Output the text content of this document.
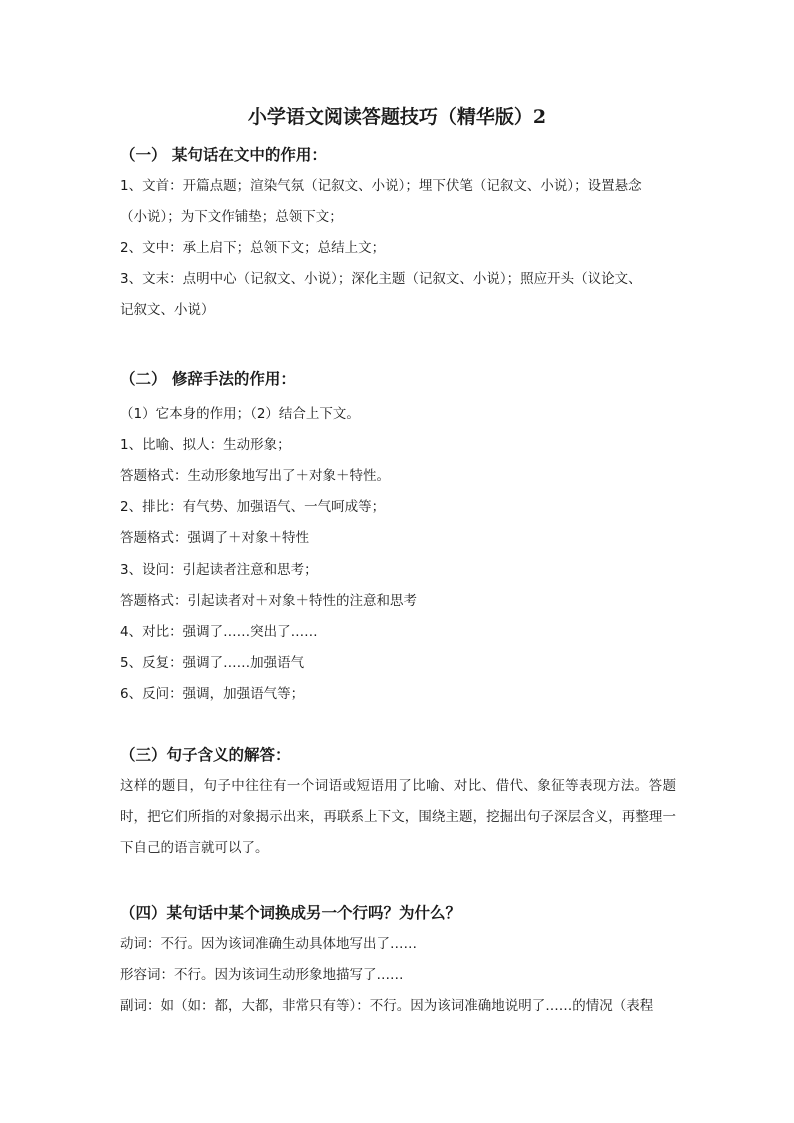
小学语文阅读答题技巧（精华版）2
（一） 某句话在文中的作用：
1、文首：开篇点题；渲染气氛（记叙文、小说）；埋下伏笔（记叙文、小说）；设置悬念
（小说）；为下文作铺垫；总领下文；
2、文中：承上启下；总领下文；总结上文；
3、文末：点明中心（记叙文、小说）；深化主题（记叙文、小说）；照应开头（议论文、
记叙文、小说）
（二） 修辞手法的作用：
（1）它本身的作用；（2）结合上下文。
1、比喻、拟人：生动形象；
答题格式：生动形象地写出了＋对象＋特性。
2、排比：有气势、加强语气、一气呵成等；
答题格式：强调了＋对象＋特性
3、设问：引起读者注意和思考；
答题格式：引起读者对＋对象＋特性的注意和思考
4、对比：强调了……突出了……
5、反复：强调了……加强语气
6、反问：强调，加强语气等；
（三）句子含义的解答：
这样的题目，句子中往往有一个词语或短语用了比喻、对比、借代、象征等表现方法。答题时，把它们所指的对象揭示出来，再联系上下文，围绕主题，挖掘出句子深层含义，再整理一下自己的语言就可以了。
（四）某句话中某个词换成另一个行吗？为什么？
动词：不行。因为该词准确生动具体地写出了……
形容词：不行。因为该词生动形象地描写了……
副词：如（如：都，大都，非常只有等）：不行。因为该词准确地说明了……的情况（表程
